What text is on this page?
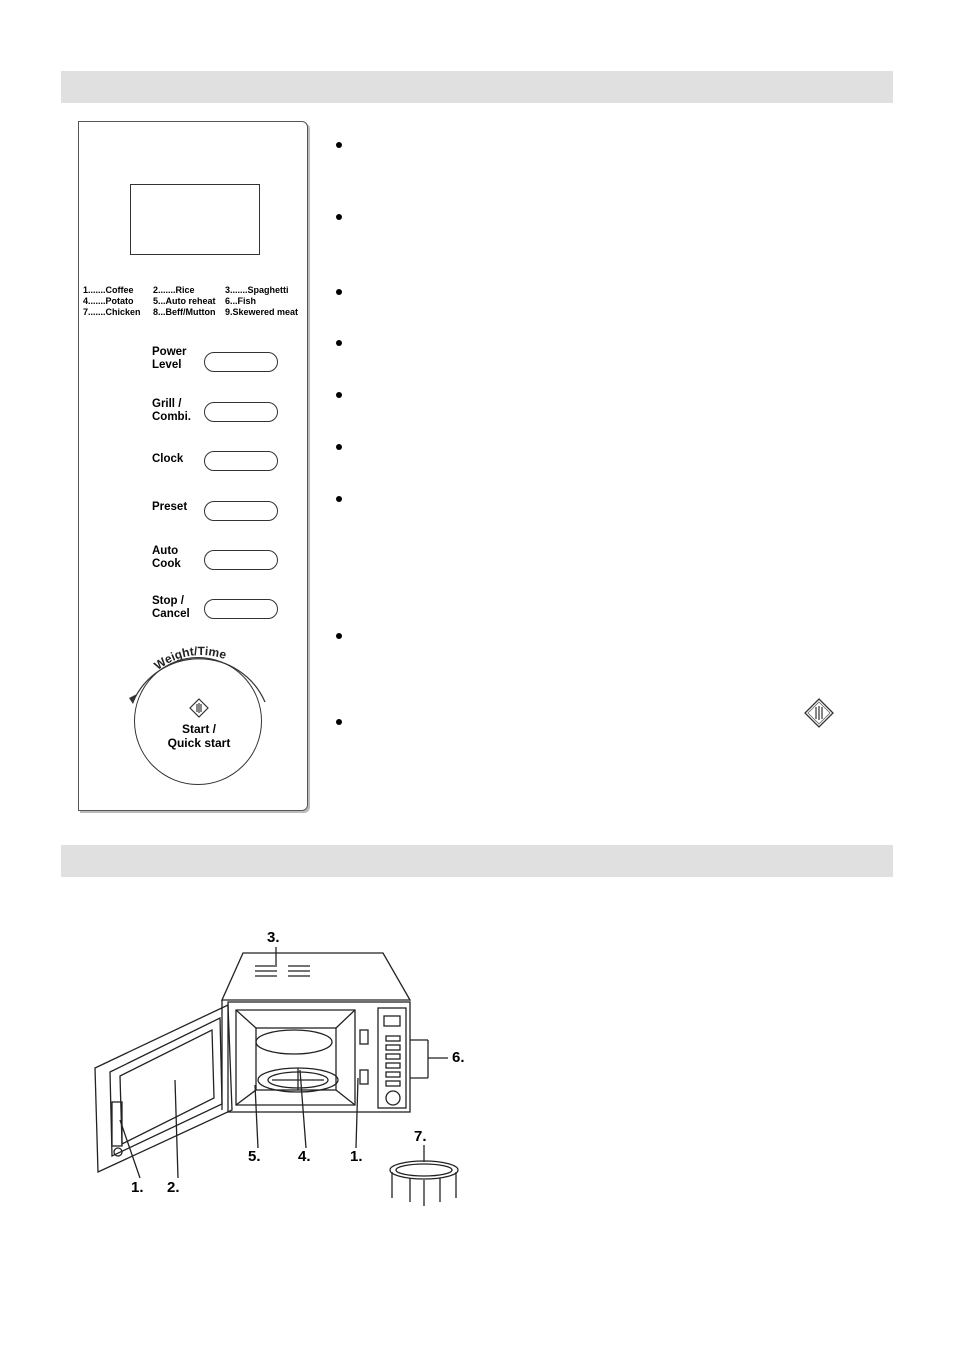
1.......Coffee	2.......Rice	3.......Spaghetti
4.......Potato	5...Auto reheat	6...Fish
7.......Chicken	8...Beff/Mutton	9.Skewered meat
Power
Level
Grill /
Combi.
Clock
Preset
Auto
Cook
Stop /
Cancel
Weight/Time
Start /
Quick start
3.
6.
7.
1. 2.
5. 4.	1.
